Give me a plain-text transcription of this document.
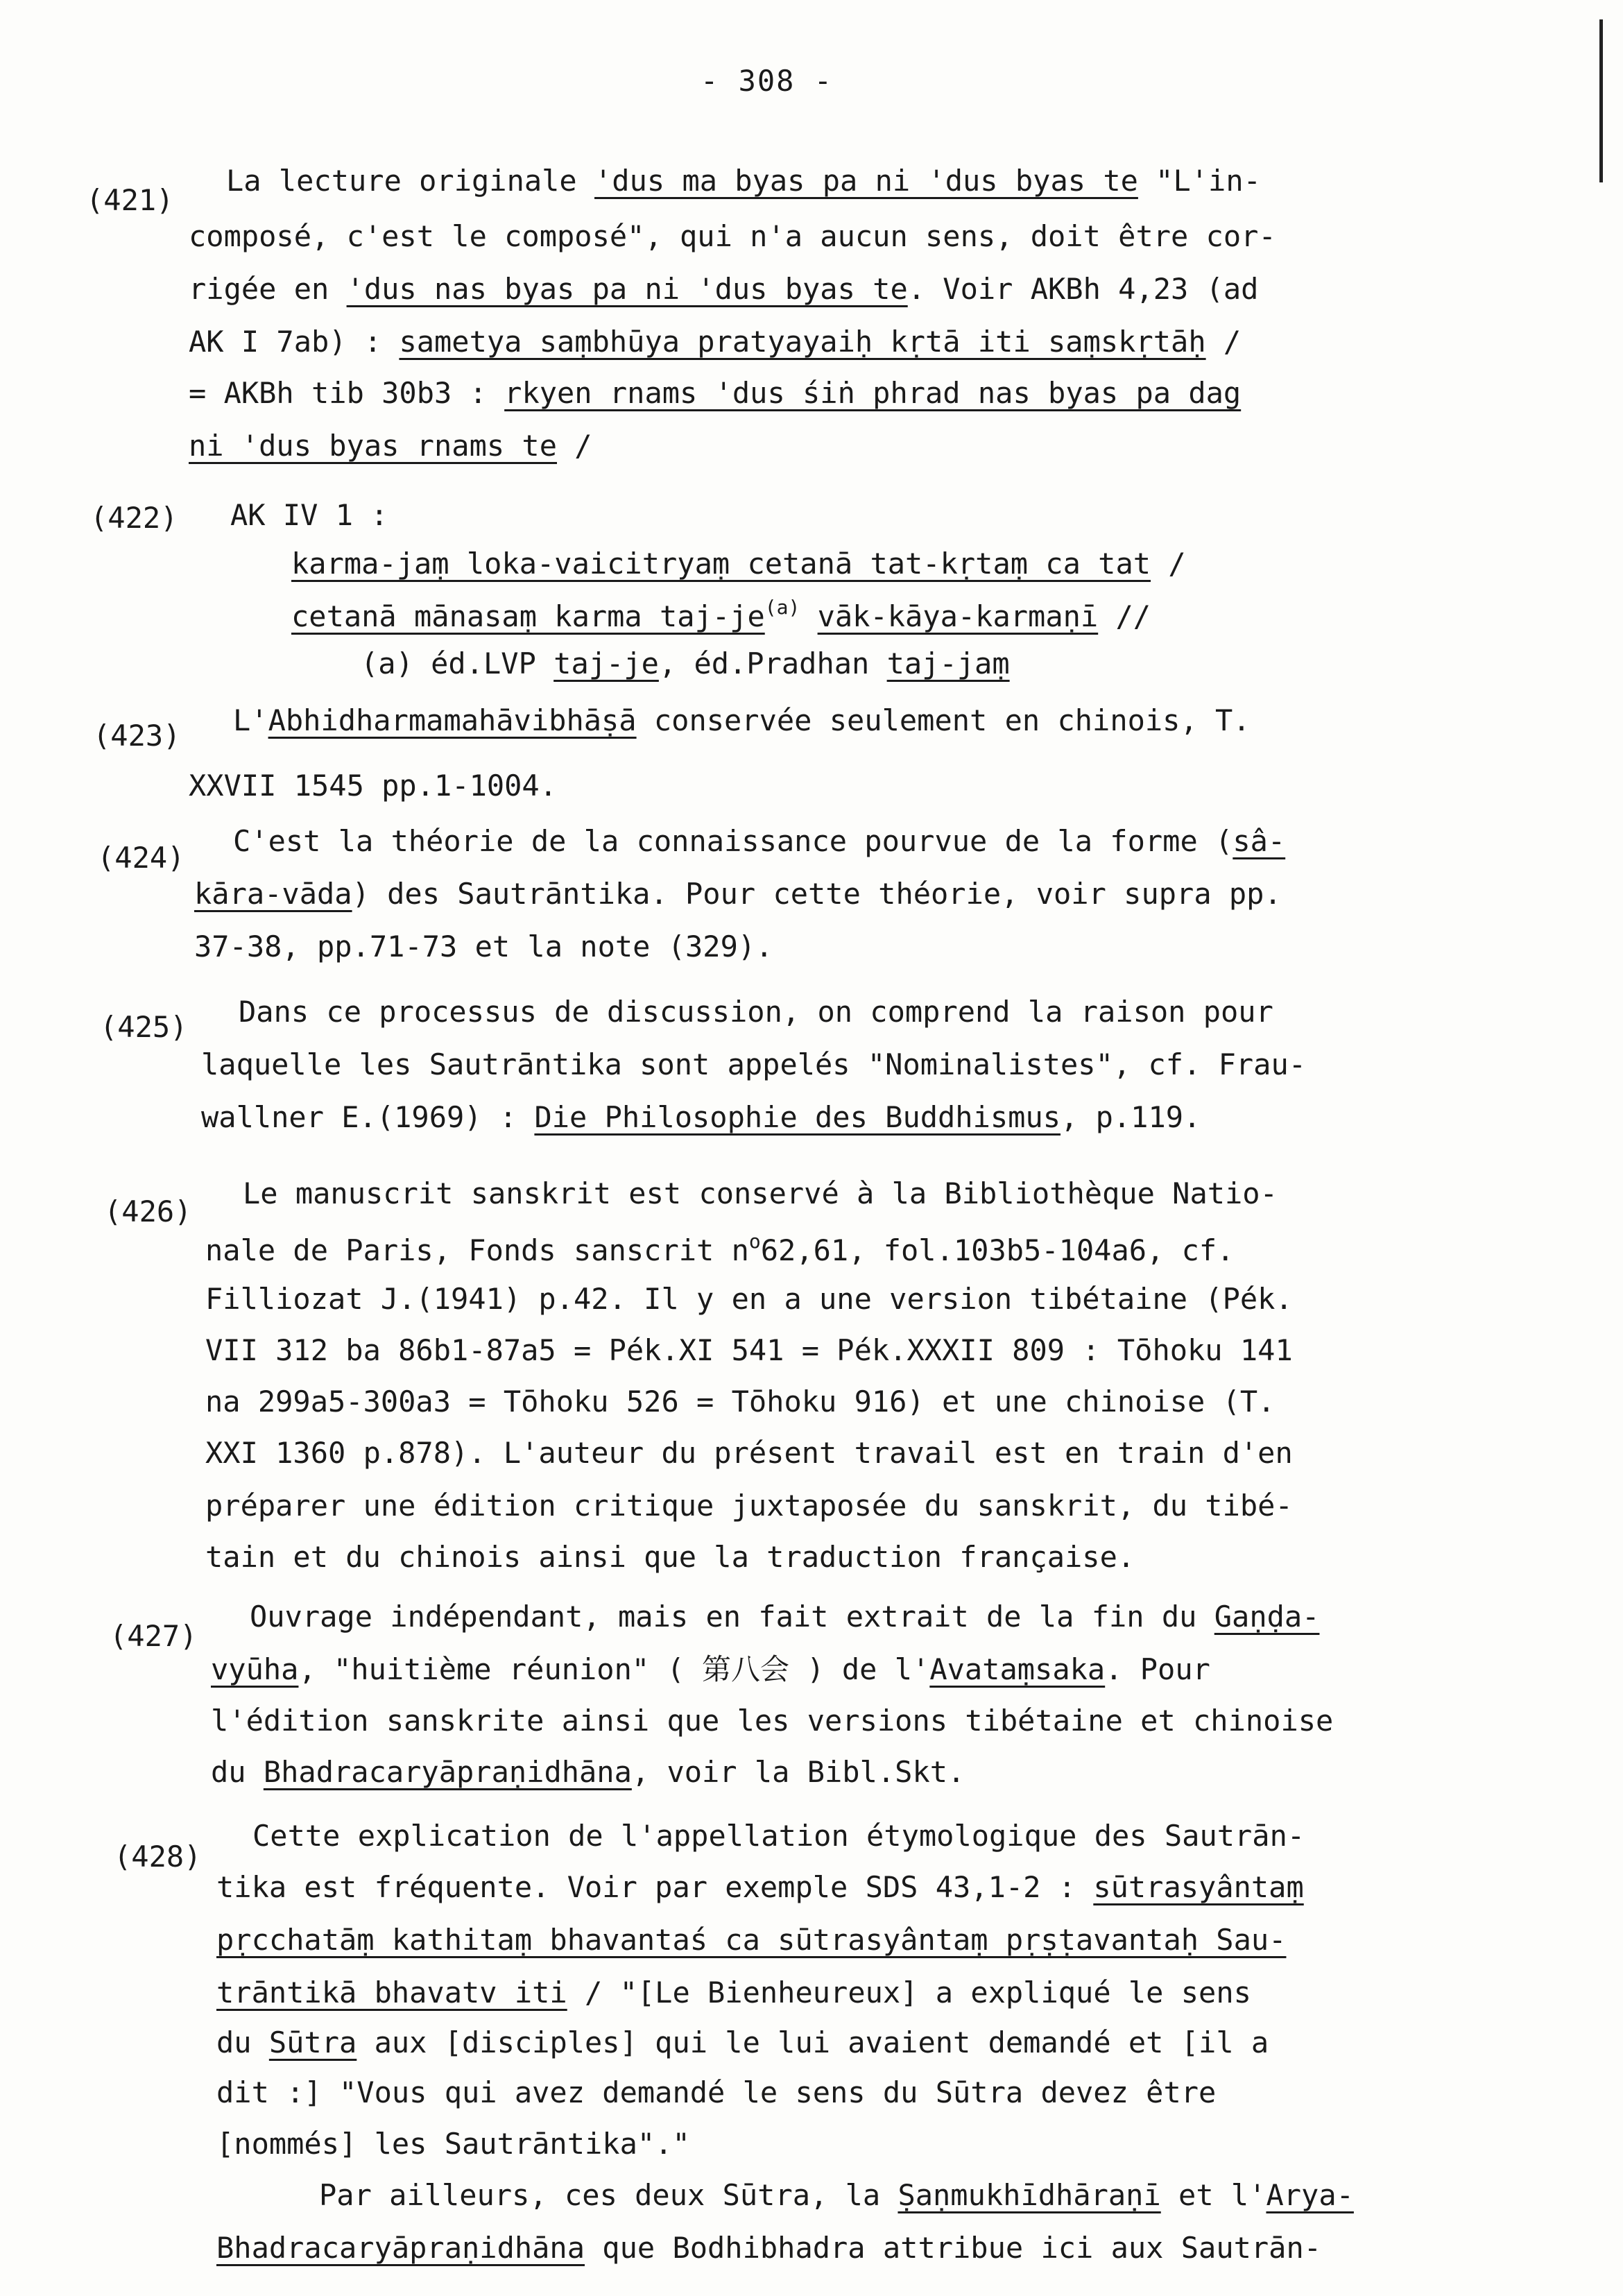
- 308 -
(421)
La lecture originale 'dus ma byas pa ni 'dus byas te "L'in-
composé, c'est le composé", qui n'a aucun sens, doit être cor-
rigée en 'dus nas byas pa ni 'dus byas te. Voir AKBh 4,23 (ad
AK I 7ab) : sametya saṃbhūya pratyayaiḥ kṛtā iti saṃskṛtāḥ /
= AKBh tib 30b3 : rkyen rnams 'dus śiṅ phrad nas byas pa dag
ni 'dus byas rnams te /
(422) AK IV 1 :
karma-jaṃ loka-vaicitryaṃ cetanā tat-kṛtaṃ ca tat /
cetanā mānasaṃ karma taj-$je^{(a)}$ vāk-kāya-karmaṇī //
(a) éd.LVP taj-je, éd.Pradhan taj-jaṃ
(423) L'Abhidharmamahāvibhāṣā conservée seulement en chinois, T.
XXVII 1545 pp.1-1004.
(424) C'est la théorie de la connaissance pourvue de la forme (sâ-
kāra-vāda) des Sautrāntika. Pour cette théorie, voir supra pp.
37-38, pp.71-73 et la note (329).
(425) Dans ce processus de discussion, on comprend la raison pour
laquelle les Sautrāntika sont appelés "Nominalistes", cf. Frau-
wallner E.(1969) : Die Philosophie des Buddhismus, p.119.
(426)
Le manuscrit sanskrit est conservé à la Bibliothèque Natio-
nale de Paris, Fonds sanscrit $n^o62,61$, fol.103b5-104a6, cf.
Filliozat J.(1941) p.42. Il y en a une version tibétaine (Pék.
VII 312 ba 86b1-87a5 = Pék.XI 541 = Pék.XXXII 809 : Tōhoku 141
na 299a5-300a3 = Tōhoku 526 = Tōhoku 916) et une chinoise (T.
XXI 1360 p.878). L'auteur du présent travail est en train d'en
préparer une édition critique juxtaposée du sanskrit, du tibé-
tain et du chinois ainsi que la traduction française.
(427)
Ouvrage indépendant, mais en fait extrait de la fin du Gaṇḍa-
vyūha, "huitième réunion" ( 第八会 ) de l'Avataṃsaka. Pour
l'édition sanskrite ainsi que les versions tibétaine et chinoise
du Bhadracaryāpraṇidhāna, voir la Bibl.Skt.
(428)
Cette explication de l'appellation étymologique des Sautrān-
tika est fréquente. Voir par exemple SDS 43,1-2 : sūtrasyântaṃ
pṛcchatāṃ kathitaṃ bhavantaś ca sūtrasyântaṃ pṛṣṭavantaḥ Sau-
trāntikā bhavatv iti / "[Le Bienheureux] a expliqué le sens
du Sūtra aux [disciples] qui le lui avaient demandé et [il a
dit :] "Vous qui avez demandé le sens du Sūtra devez être
[nommés] les Sautrāntika"."
Par ailleurs, ces deux Sūtra, la Ṣaṇmukhīdhāraṇī et l'Arya-
Bhadracaryāpraṇidhāna que Bodhibhadra attribue ici aux Sautrān-
